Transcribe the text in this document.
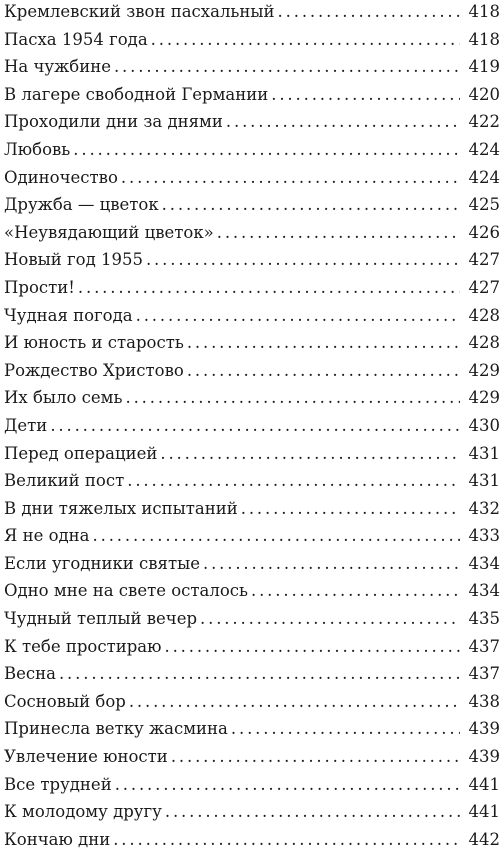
Кремлевский звон пасхальный . . .	418
Пасха 1954 года . . .	418
На чужбине . . .	419
В лагере свободной Германии . . .	420
Проходили дни за днями . . .	422
Любовь . . .	424
Одиночество . . .	424
Дружба — цветок . . .	425
«Неувядающий цветок» . . .	426
Новый год 1955 . . .	427
Прости! . . .	427
Чудная погода . . .	428
И юность и старость . . .	428
Рождество Христово . . .	429
Их было семь . . .	429
Дети . . .	430
Перед операцией . . .	431
Великий пост . . .	431
В дни тяжелых испытаний . . .	432
Я не одна . . .	433
Если угодники святые . . .	434
Одно мне на свете осталось . . .	434
Чудный теплый вечер . . .	435
К тебе простираю . . .	437
Весна . . .	437
Сосновый бор . . .	438
Принесла ветку жасмина . . .	439
Увлечение юности . . .	439
Все трудней . . .	441
К молодому другу . . .	441
Кончаю дни . . .	442
